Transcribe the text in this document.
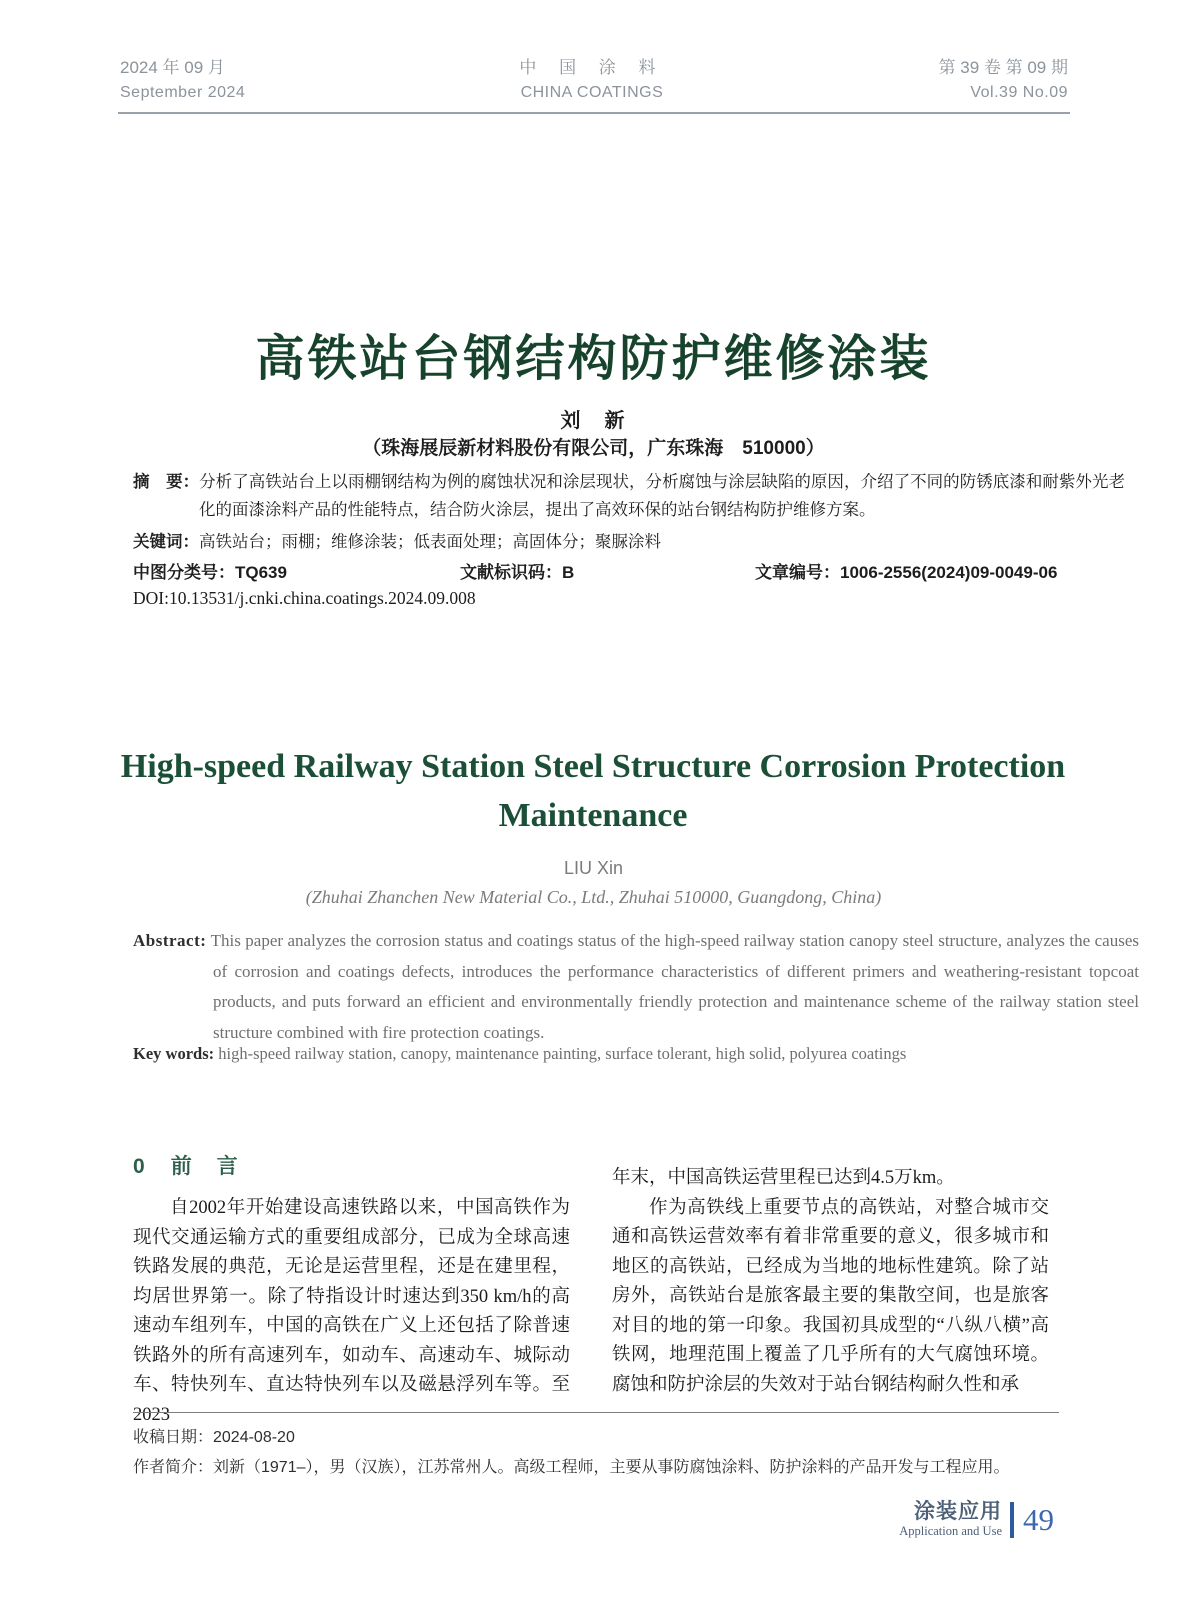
2024 年 09 月
September 2024
中 国 涂 料
CHINA COATINGS
第 39 卷 第 09 期
Vol.39 No.09
高铁站台钢结构防护维修涂装
刘　新
（珠海展辰新材料股份有限公司，广东珠海　510000）
摘　要：分析了高铁站台上以雨棚钢结构为例的腐蚀状况和涂层现状，分析腐蚀与涂层缺陷的原因，介绍了不同的防锈底漆和耐紫外光老化的面漆涂料产品的性能特点，结合防火涂层，提出了高效环保的站台钢结构防护维修方案。
关键词：高铁站台；雨棚；维修涂装；低表面处理；高固体分；聚脲涂料
中图分类号：TQ639	文献标识码：B	文章编号：1006-2556(2024)09-0049-06
DOI:10.13531/j.cnki.china.coatings.2024.09.008
High-speed Railway Station Steel Structure Corrosion Protection Maintenance
LIU Xin
(Zhuhai Zhanchen New Material Co., Ltd., Zhuhai 510000, Guangdong, China)
Abstract: This paper analyzes the corrosion status and coatings status of the high-speed railway station canopy steel structure, analyzes the causes of corrosion and coatings defects, introduces the performance characteristics of different primers and weathering-resistant topcoat products, and puts forward an efficient and environmentally friendly protection and maintenance scheme of the railway station steel structure combined with fire protection coatings.
Key words: high-speed railway station, canopy, maintenance painting, surface tolerant, high solid, polyurea coatings
0 前　言

自2002年开始建设高速铁路以来，中国高铁作为现代交通运输方式的重要组成部分，已成为全球高速铁路发展的典范，无论是运营里程，还是在建里程，均居世界第一。除了特指设计时速达到350 km/h的高速动车组列车，中国的高铁在广义上还包括了除普速铁路外的所有高速列车，如动车、高速动车、城际动车、特快列车、直达特快列车以及磁悬浮列车等。至2023

年末，中国高铁运营里程已达到4.5万km。

作为高铁线上重要节点的高铁站，对整合城市交通和高铁运营效率有着非常重要的意义，很多城市和地区的高铁站，已经成为当地的地标性建筑。除了站房外，高铁站台是旅客最主要的集散空间，也是旅客对目的地的第一印象。我国初具成型的“八纵八横”高铁网，地理范围上覆盖了几乎所有的大气腐蚀环境。腐蚀和防护涂层的失效对于站台钢结构耐久性和承

收稿日期：2024-08-20
作者简介：刘新（1971–），男（汉族），江苏常州人。高级工程师，主要从事防腐蚀涂料、防护涂料的产品开发与工程应用。
涂装应用
Application and Use 49
